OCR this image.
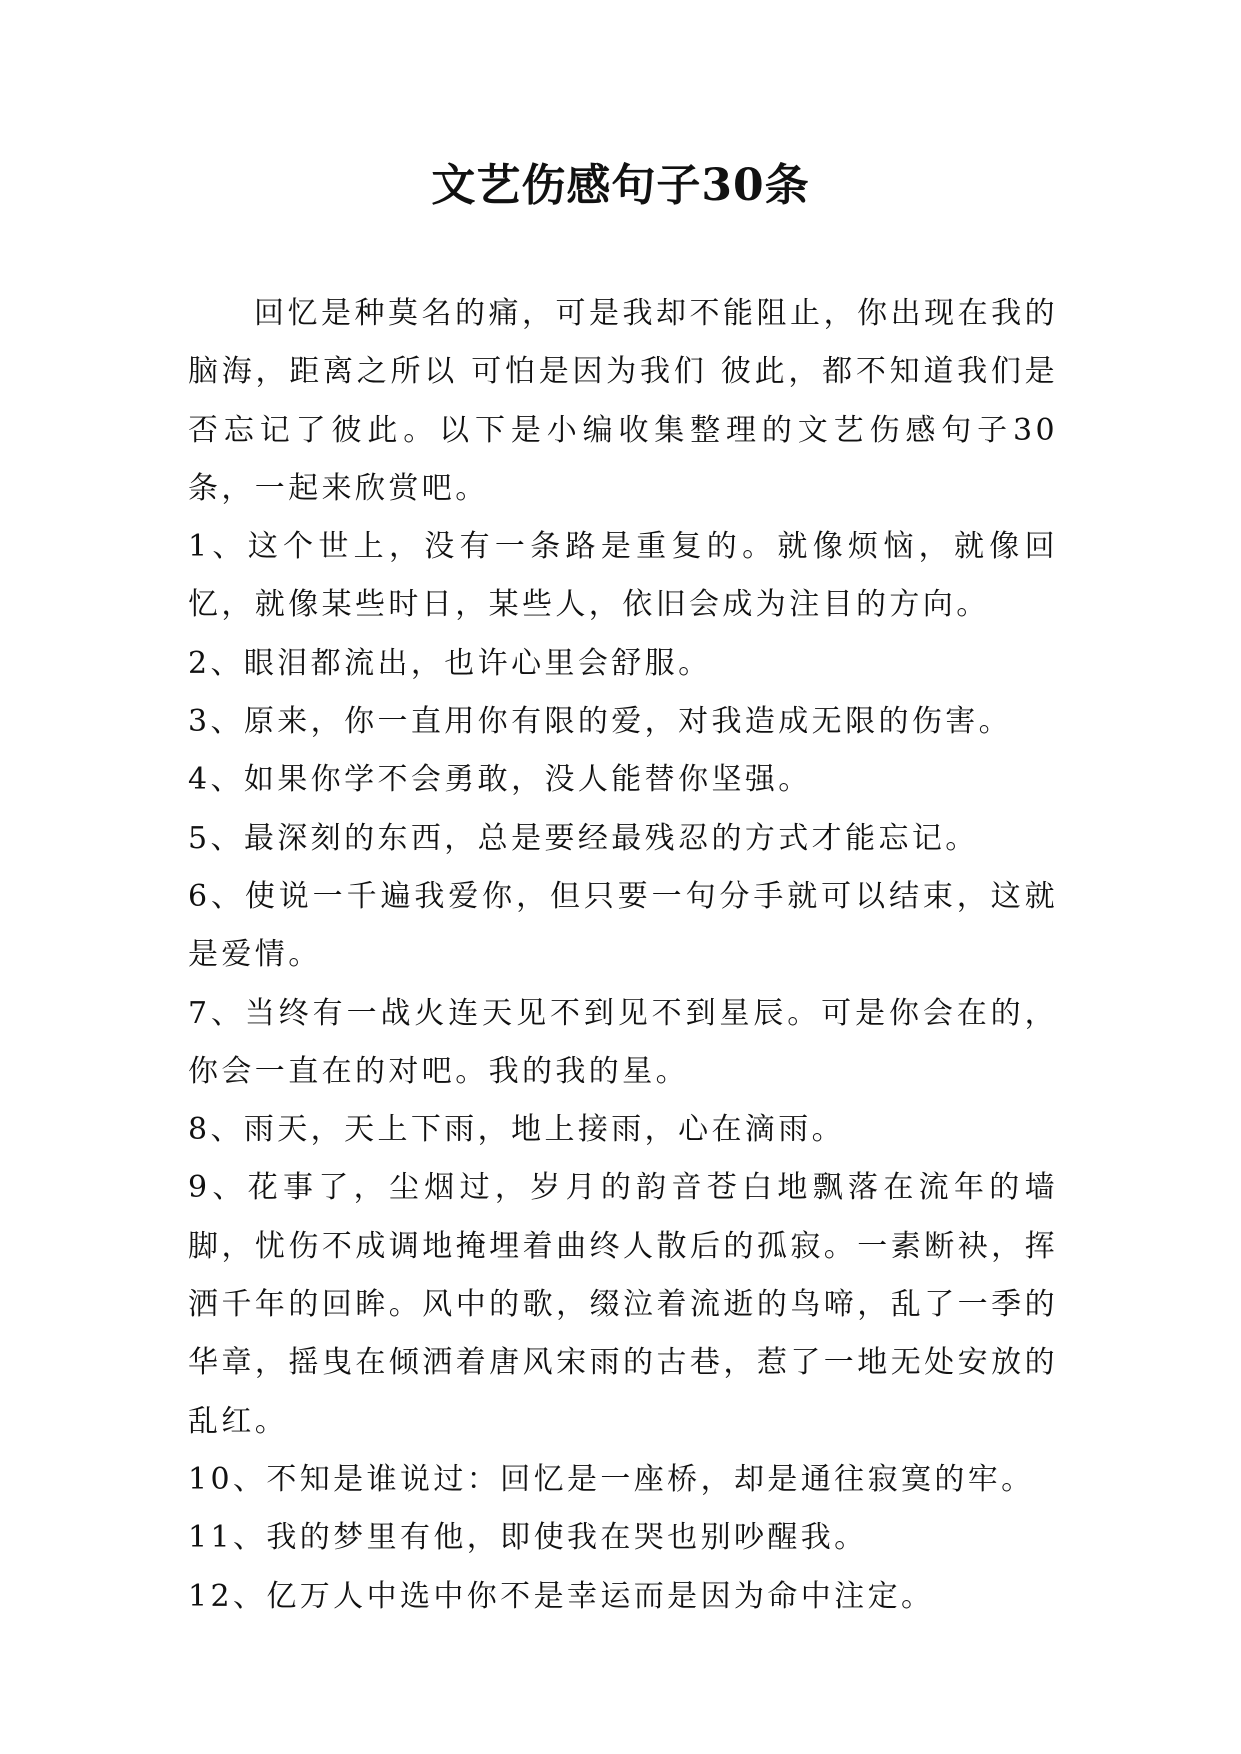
文艺伤感句子30条

回忆是种莫名的痛，可是我却不能阻止，你出现在我的脑海，距离之所以 可怕是因为我们 彼此，都不知道我们是否忘记了彼此。以下是小编收集整理的文艺伤感句子30条，一起来欣赏吧。

1、这个世上，没有一条路是重复的。就像烦恼，就像回忆，就像某些时日，某些人，依旧会成为注目的方向。

2、眼泪都流出，也许心里会舒服。

3、原来，你一直用你有限的爱，对我造成无限的伤害。

4、如果你学不会勇敢，没人能替你坚强。

5、最深刻的东西，总是要经最残忍的方式才能忘记。

6、使说一千遍我爱你，但只要一句分手就可以结束，这就是爱情。

7、当终有一战火连天见不到见不到星辰。可是你会在的，你会一直在的对吧。我的我的星。

8、雨天，天上下雨，地上接雨，心在滴雨。

9、花事了，尘烟过，岁月的韵音苍白地飘落在流年的墙脚，忧伤不成调地掩埋着曲终人散后的孤寂。一素断袂，挥洒千年的回眸。风中的歌，缀泣着流逝的鸟啼，乱了一季的华章，摇曳在倾洒着唐风宋雨的古巷，惹了一地无处安放的乱红。

10、不知是谁说过：回忆是一座桥，却是通往寂寞的牢。

11、我的梦里有他，即使我在哭也别吵醒我。

12、亿万人中选中你不是幸运而是因为命中注定。
